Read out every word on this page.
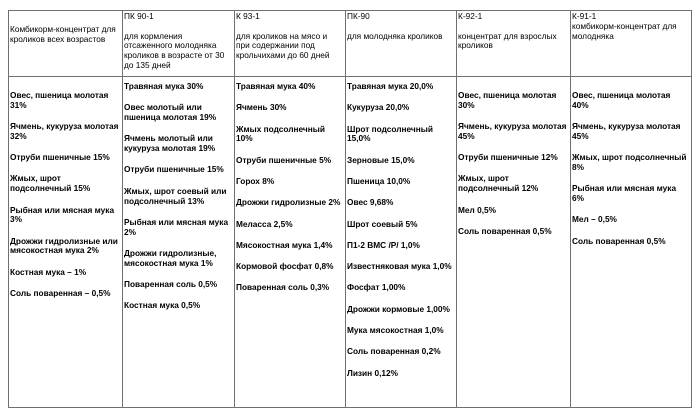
Комбикорм-концентрат для кроликов всех возрастов
ПК 90-1
для кормления отсаженного молодняка кроликов в возрасте от 30 до 135 дней
К 93-1
для кроликов на мясо и при содержании под крольчихами до 60 дней
ПК-90
для молодняка кроликов
К-92-1
концентрат для взрослых кроликов
К-91-1
комбикорм-концентрат для молодняка
Овес, пшеница молотая 31%
Ячмень, кукуруза молотая 32%
Отруби пшеничные 15%
Жмых, шрот подсолнечный 15%
Рыбная или мясная мука 3%
Дрожжи гидролизные или мясокостная мука 2%
Костная мука – 1%
Соль поваренная – 0,5%
Травяная мука 30%
Овес молотый или пшеница молотая 19%
Ячмень молотый или кукуруза молотая 19%
Отруби пшеничные 15%
Жмых, шрот соевый или подсолнечный 13%
Рыбная или мясная мука 2%
Дрожжи гидролизные, мясокостная мука 1%
Поваренная соль 0,5%
Костная мука 0,5%
Травяная мука 40%
Ячмень 30%
Жмых подсолнечный 10%
Отруби пшеничные 5%
Горох 8%
Дрожжи гидролизные 2%
Меласса 2,5%
Мясокостная мука 1,4%
Кормовой фосфат 0,8%
Поваренная соль 0,3%
Травяная мука 20,0%
Кукуруза 20,0%
Шрот подсолнечный 15,0%
Зерновые 15,0%
Пшеница 10,0%
Овес 9,68%
Шрот соевый 5%
П1-2 ВМС /Р/ 1,0%
Известняковая мука 1,0%
Фосфат 1,00%
Дрожжи кормовые 1,00%
Мука мясокостная 1,0%
Соль поваренная 0,2%
Лизин 0,12%
Овес, пшеница молотая 30%
Ячмень, кукуруза молотая 45%
Отруби пшеничные 12%
Жмых, шрот подсолнечный 12%
Мел 0,5%
Соль поваренная 0,5%
Овес, пшеница молотая 40%
Ячмень, кукуруза молотая 45%
Жмых, шрот подсолнечный 8%
Рыбная или мясная мука 6%
Мел – 0,5%
Соль поваренная 0,5%
